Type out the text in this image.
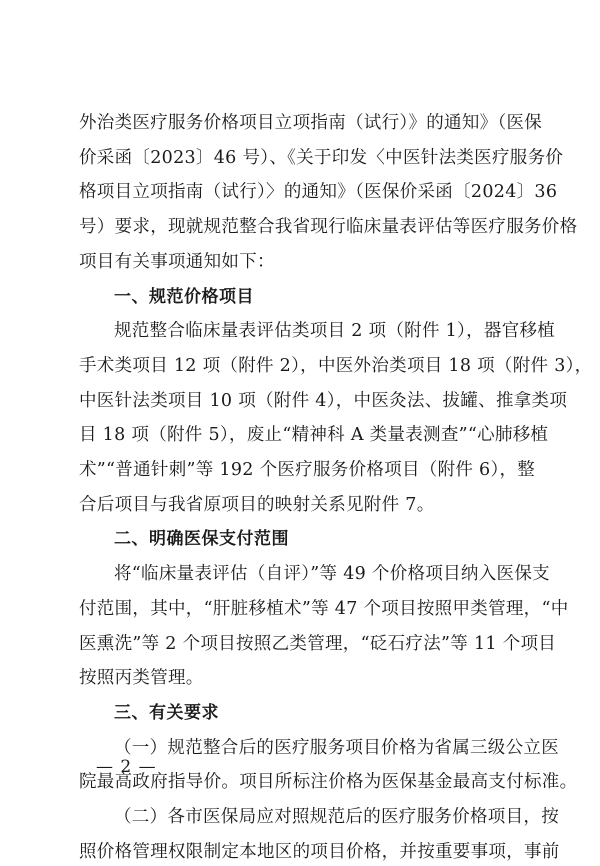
外治类医疗服务价格项目立项指南（试行）》的通知》（医保
价采函〔2023〕46 号）、《关于印发〈中医针法类医疗服务价
格项目立项指南（试行）〉的通知》（医保价采函〔2024〕36
号）要求，现就规范整合我省现行临床量表评估等医疗服务价格
项目有关事项通知如下：
一、规范价格项目
规范整合临床量表评估类项目 2 项（附件 1），器官移植
手术类项目 12 项（附件 2），中医外治类项目 18 项（附件 3），
中医针法类项目 10 项（附件 4），中医灸法、拔罐、推拿类项
目 18 项（附件 5），废止“精神科 A 类量表测查”“心肺移植
术”“普通针刺”等 192 个医疗服务价格项目（附件 6），整
合后项目与我省原项目的映射关系见附件 7。
二、明确医保支付范围
将“临床量表评估（自评）”等 49 个价格项目纳入医保支
付范围，其中，“肝脏移植术”等 47 个项目按照甲类管理，“中
医熏洗”等 2 个项目按照乙类管理，“砭石疗法”等 11 个项目
按照丙类管理。
三、有关要求
— 2 —
（一）规范整合后的医疗服务项目价格为省属三级公立医
院最高政府指导价。项目所标注价格为医保基金最高支付标准。
（二）各市医保局应对照规范后的医疗服务价格项目，按
照价格管理权限制定本地区的项目价格，并按重要事项，事前
